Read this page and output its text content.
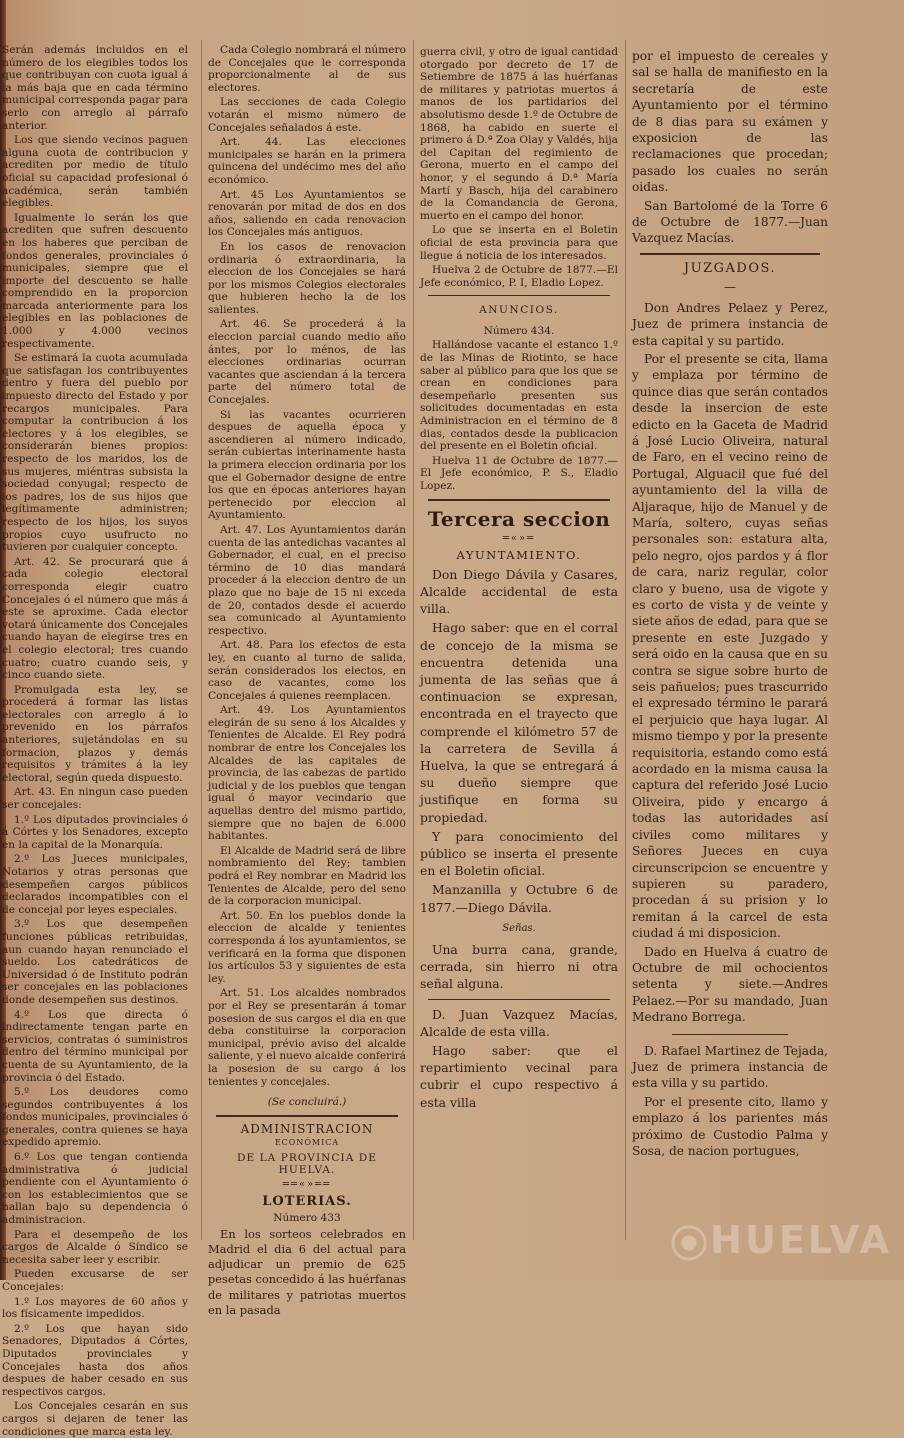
Serán además incluidos en el número de los elegibles todos los que contribuyan con cuota igual á la más baja que en cada término municipal corresponda pagar para serlo con arreglo al párrafo anterior.

Los que siendo vecinos paguen alguna cuota de contribucion y acrediten por medio de título oficial su capacidad profesional ó académica, serán también elegibles.

Igualmente lo serán los que acrediten que sufren descuento en los haberes que perciban de fondos generales, provinciales ó municipales, siempre que el importe del descuento se halle comprendido en la proporcion marcada anteriormente para los elegibles en las poblaciones de 1.000 y 4.000 vecinos respectivamente.

Se estimará la cuota acumulada que satisfagan los contribuyentes dentro y fuera del pueblo por impuesto directo del Estado y por recargos municipales. Para computar la contribucion á los electores y á los elegibles, se considerarán bienes propios: respecto de los maridos, los de sus mujeres, miéntras subsista la sociedad conyugal; respecto de los padres, los de sus hijos que legítimamente administren; respecto de los hijos, los suyos propios cuyo usufructo no tuvieren por cualquier concepto.

Art. 42. Se procurará que á cada colegio electoral corresponda elegir cuatro Concejales ó el número que más á este se aproxime. Cada elector votará únicamente dos Concejales cuando hayan de elegirse tres en el colegio electoral; tres cuando cuatro; cuatro cuando seis, y cinco cuando siete.

Promulgada esta ley, se procederá á formar las listas electorales con arreglo á lo prevenido en los párrafos anteriores, sujetándolas en su formacion, plazos y demás requisitos y trámites á la ley electoral, según queda dispuesto.

Art. 43. En ningun caso pueden ser concejales:

1.º Los diputados provinciales ó á Córtes y los Senadores, excepto en la capital de la Monarquía.

2.º Los Jueces municipales, Notarios y otras personas que desempeñen cargos públicos declarados incompatibles con el de concejal por leyes especiales.

3.º Los que desempeñen funciones públicas retribuidas, aun cuando hayan renunciado el sueldo. Los catedráticos de Universidad ó de Instituto podrán ser concejales en las poblaciones donde desempeñen sus destinos.

4.º Los que directa ó indirectamente tengan parte en servicios, contratas ó suministros dentro del término municipal por cuenta de su Ayuntamiento, de la provincia ó del Estado.

5.º Los deudores como segundos contribuyentes á los fondos municipales, provinciales ó generales, contra quienes se haya expedido apremio.

6.º Los que tengan contienda administrativa ó judicial pendiente con el Ayuntamiento ó con los establecimientos que se hallan bajo su dependencia ó administracion.

Para el desempeño de los cargos de Alcalde ó Síndico se necesita saber leer y escribir.

Pueden excusarse de ser Concejales:

1.º Los mayores de 60 años y los físicamente impedidos.

2.º Los que hayan sido Senadores, Diputados á Córtes, Diputados provinciales y Concejales hasta dos años despues de haber cesado en sus respectivos cargos.

Los Concejales cesarán en sus cargos si dejaren de tener las condiciones que marca esta ley.

Cada Colegio nombrará el número de Concejales que le corresponda proporcionalmente al de sus electores.

Las secciones de cada Colegio votarán el mismo número de Concejales señalados á este.

Art. 44. Las elecciones municipales se harán en la primera quincena del undécimo mes del año económico.

Art. 45 Los Ayuntamientos se renovarán por mitad de dos en dos años, saliendo en cada renovacion los Concejales más antiguos.

En los casos de renovacion ordinaria ó extraordinaria, la eleccion de los Concejales se hará por los mismos Colegios electorales que hubieren hecho la de los salientes.

Art. 46. Se procederá á la eleccion parcial cuando medio año ántes, por lo ménos, de las elecciones ordinarias ocurran vacantes que asciendan á la tercera parte del número total de Concejales.

Si las vacantes ocurrieren despues de aquella época y ascendieren al número indicado, serán cubiertas interinamente hasta la primera eleccion ordinaria por los que el Gobernador designe de entre los que en épocas anteriores hayan pertenecido por eleccion al Ayuntamiento.

Art. 47. Los Ayuntamientos darán cuenta de las antedichas vacantes al Gobernador, el cual, en el preciso término de 10 dias mandará proceder á la eleccion dentro de un plazo que no baje de 15 ni exceda de 20, contados desde el acuerdo sea comunicado al Ayuntamiento respectivo.

Art. 48. Para los efectos de esta ley, en cuanto al turno de salida, serán considerados los electos, en caso de vacantes, como los Concejales á quienes reemplacen.

Art. 49. Los Ayuntamientos elegirán de su seno á los Alcaldes y Tenientes de Alcalde. El Rey podrá nombrar de entre los Concejales los Alcaldes de las capitales de provincia, de las cabezas de partido judicial y de los pueblos que tengan igual ó mayor vecindario que aquellas dentro del mismo partido, siempre que no bajen de 6.000 habitantes.

El Alcalde de Madrid será de libre nombramiento del Rey; tambien podrá el Rey nombrar en Madrid los Tenientes de Alcalde, pero del seno de la corporacion municipal.

Art. 50. En los pueblos donde la eleccion de alcalde y tenientes corresponda á los ayuntamientos, se verificará en la forma que disponen los artículos 53 y siguientes de esta ley.

Art. 51. Los alcaldes nombrados por el Rey se presentarán á tomar posesion de sus cargos el dia en que deba constituirse la corporacion municipal, prévio aviso del alcalde saliente, y el nuevo alcalde conferirá la posesion de su cargo á los tenientes y concejales.

(Se concluirá.)

ADMINISTRACION

ECONÓMICA

DE LA PROVINCIA DE HUELVA.

══«»══

LOTERIAS.

Número 433

En los sorteos celebrados en Madrid el dia 6 del actual para adjudicar un premio de 625 pesetas concedido á las huérfanas de militares y patriotas muertos en la pasada

guerra civil, y otro de igual cantidad otorgado por decreto de 17 de Setiembre de 1875 á las huérfanas de militares y patriotas muertos á manos de los partidarios del absolutismo desde 1.º de Octubre de 1868, ha cabido en suerte el primero á D.ª Zoa Olay y Valdés, hija del Capitan del regimiento de Gerona, muerto en el campo del honor, y el segundo á D.ª María Martí y Basch, hija del carabinero de la Comandancia de Gerona, muerto en el campo del honor.

Lo que se inserta en el Boletin oficial de esta provincia para que llegue á noticia de los interesados.

Huelva 2 de Octubre de 1877.—El Jefe económico, P. I, Eladio Lopez.

ANUNCIOS.

Número 434.

Hallándose vacante el estanco 1.º de las Minas de Riotinto, se hace saber al público para que los que se crean en condiciones para desempeñarlo presenten sus solicitudes documentadas en esta Administracion en el término de 8 dias, contados desde la publicacion del presente en el Boletin oficial.

Huelva 11 de Octubre de 1877.—El Jefe económico, P. S., Eladio Lopez.

Tercera seccion
═«»═
AYUNTAMIENTO.

Don Diego Dávila y Casares, Alcalde accidental de esta villa.

Hago saber: que en el corral de concejo de la misma se encuentra detenida una jumenta de las señas que á continuacion se expresan, encontrada en el trayecto que comprende el kilómetro 57 de la carretera de Sevilla á Huelva, la que se entregará á su dueño siempre que justifique en forma su propiedad.

Y para conocimiento del público se inserta el presente en el Boletin oficial.

Manzanilla y Octubre 6 de 1877.—Diego Dávila.

Señas.

Una burra cana, grande, cerrada, sin hierro ni otra señal alguna.

D. Juan Vazquez Macías, Alcalde de esta villa.

Hago saber: que el repartimiento vecinal para cubrir el cupo respectivo á esta villa

por el impuesto de cereales y sal se halla de manifiesto en la secretaría de este Ayuntamiento por el término de 8 dias para su exámen y exposicion de las reclamaciones que procedan; pasado los cuales no serán oidas.

San Bartolomé de la Torre 6 de Octubre de 1877.—Juan Vazquez Macías.

JUZGADOS.
—

Don Andres Pelaez y Perez, Juez de primera instancia de esta capital y su partido.

Por el presente se cita, llama y emplaza por término de quince dias que serán contados desde la insercion de este edicto en la Gaceta de Madrid á José Lucio Oliveira, natural de Faro, en el vecino reino de Portugal, Alguacil que fué del ayuntamiento del la villa de Aljaraque, hijo de Manuel y de María, soltero, cuyas señas personales son: estatura alta, pelo negro, ojos pardos y á flor de cara, nariz regular, color claro y bueno, usa de vigote y es corto de vista y de veinte y siete años de edad, para que se presente en este Juzgado y será oido en la causa que en su contra se sigue sobre hurto de seis pañuelos; pues trascurrido el expresado término le parará el perjuicio que haya lugar. Al mismo tiempo y por la presente requisitoria, estando como está acordado en la misma causa la captura del referido José Lucio Oliveira, pido y encargo á todas las autoridades así civiles como militares y Señores Jueces en cuya circunscripcion se encuentre y supieren su paradero, procedan á su prision y lo remitan á la carcel de esta ciudad á mi disposicion.

Dado en Huelva á cuatro de Octubre de mil ochocientos setenta y siete.—Andres Pelaez.—Por su mandado, Juan Medrano Borrega.

D. Rafael Martinez de Tejada, Juez de primera instancia de esta villa y su partido.

Por el presente cito, llamo y emplazo á los parientes más próximo de Custodio Palma y Sosa, de nacion portugues,

HUELVA
